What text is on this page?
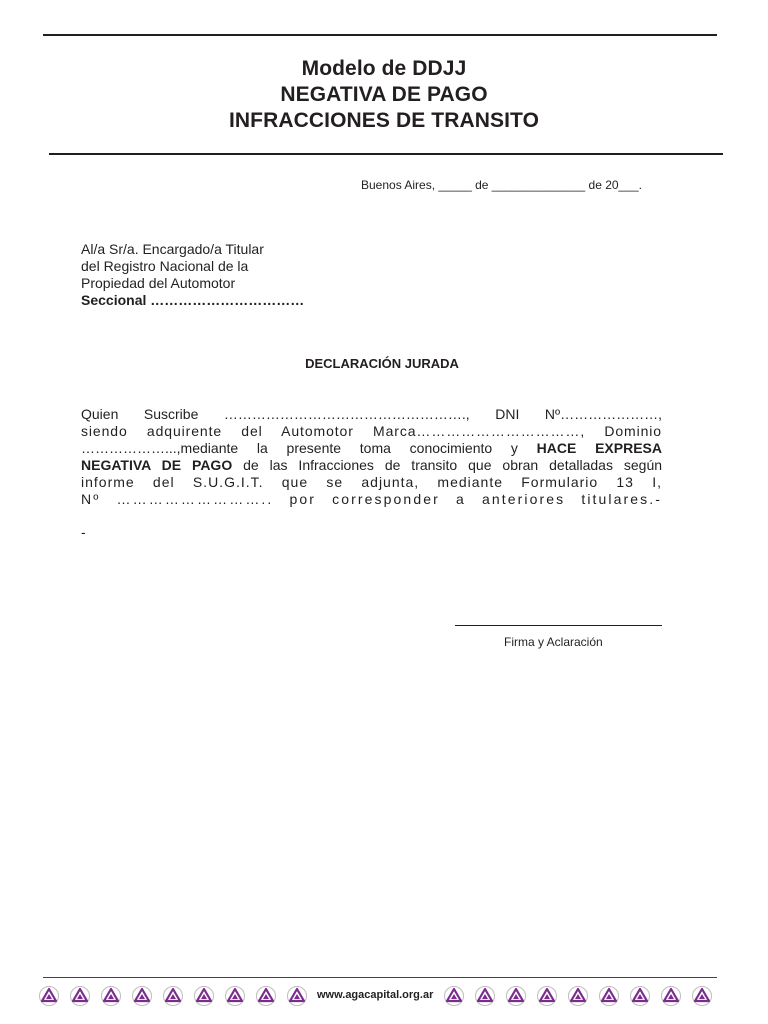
Modelo de DDJJ

NEGATIVA DE PAGO

INFRACCIONES DE TRANSITO

Buenos Aires, _____ de ______________ de 20___.
Al/a Sr/a. Encargado/a Titular
del Registro Nacional de la
Propiedad del Automotor
Seccional ……………………………
DECLARACIÓN JURADA
Quien Suscribe ……………………………………………., DNI Nº…………………,
siendo adquirente del Automotor Marca……………………………, Dominio
………………...,mediante la presente toma conocimiento y HACE EXPRESA
NEGATIVA DE PAGO de las Infracciones de transito que obran detalladas según
informe del S.U.G.I.T. que se adjunta, mediante Formulario 13 I,
Nº ……………………….. por corresponder a anteriores titulares.-
-
Firma y Aclaración
www.agacapital.org.ar
